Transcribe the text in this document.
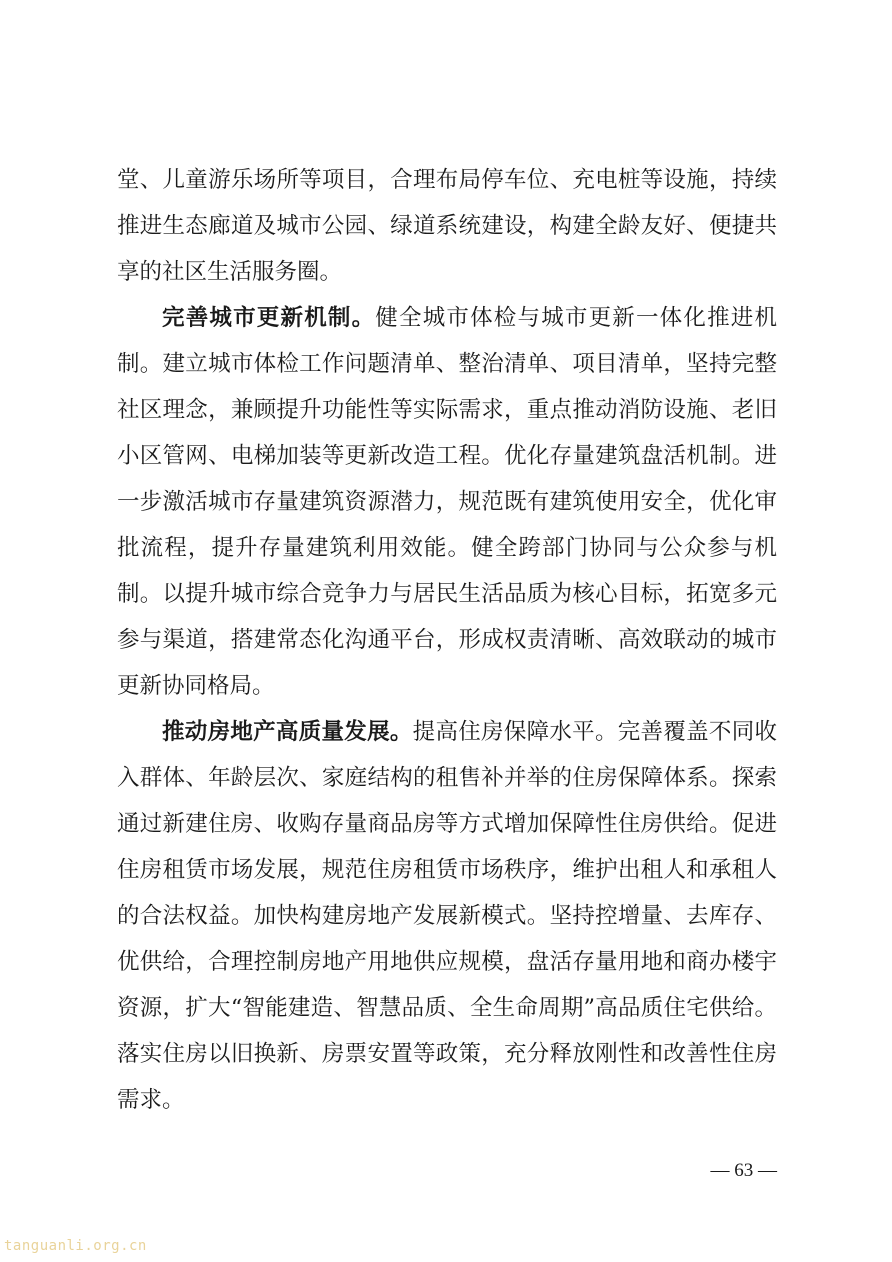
堂、儿童游乐场所等项目，合理布局停车位、充电桩等设施，持续推进生态廊道及城市公园、绿道系统建设，构建全龄友好、便捷共享的社区生活服务圈。

完善城市更新机制。健全城市体检与城市更新一体化推进机制。建立城市体检工作问题清单、整治清单、项目清单，坚持完整社区理念，兼顾提升功能性等实际需求，重点推动消防设施、老旧小区管网、电梯加装等更新改造工程。优化存量建筑盘活机制。进一步激活城市存量建筑资源潜力，规范既有建筑使用安全，优化审批流程，提升存量建筑利用效能。健全跨部门协同与公众参与机制。以提升城市综合竞争力与居民生活品质为核心目标，拓宽多元参与渠道，搭建常态化沟通平台，形成权责清晰、高效联动的城市更新协同格局。

推动房地产高质量发展。提高住房保障水平。完善覆盖不同收入群体、年龄层次、家庭结构的租售补并举的住房保障体系。探索通过新建住房、收购存量商品房等方式增加保障性住房供给。促进住房租赁市场发展，规范住房租赁市场秩序，维护出租人和承租人的合法权益。加快构建房地产发展新模式。坚持控增量、去库存、优供给，合理控制房地产用地供应规模，盘活存量用地和商办楼宇资源，扩大“智能建造、智慧品质、全生命周期”高品质住宅供给。落实住房以旧换新、房票安置等政策，充分释放刚性和改善性住房需求。

— 63 —
tanguanli.org.cn
